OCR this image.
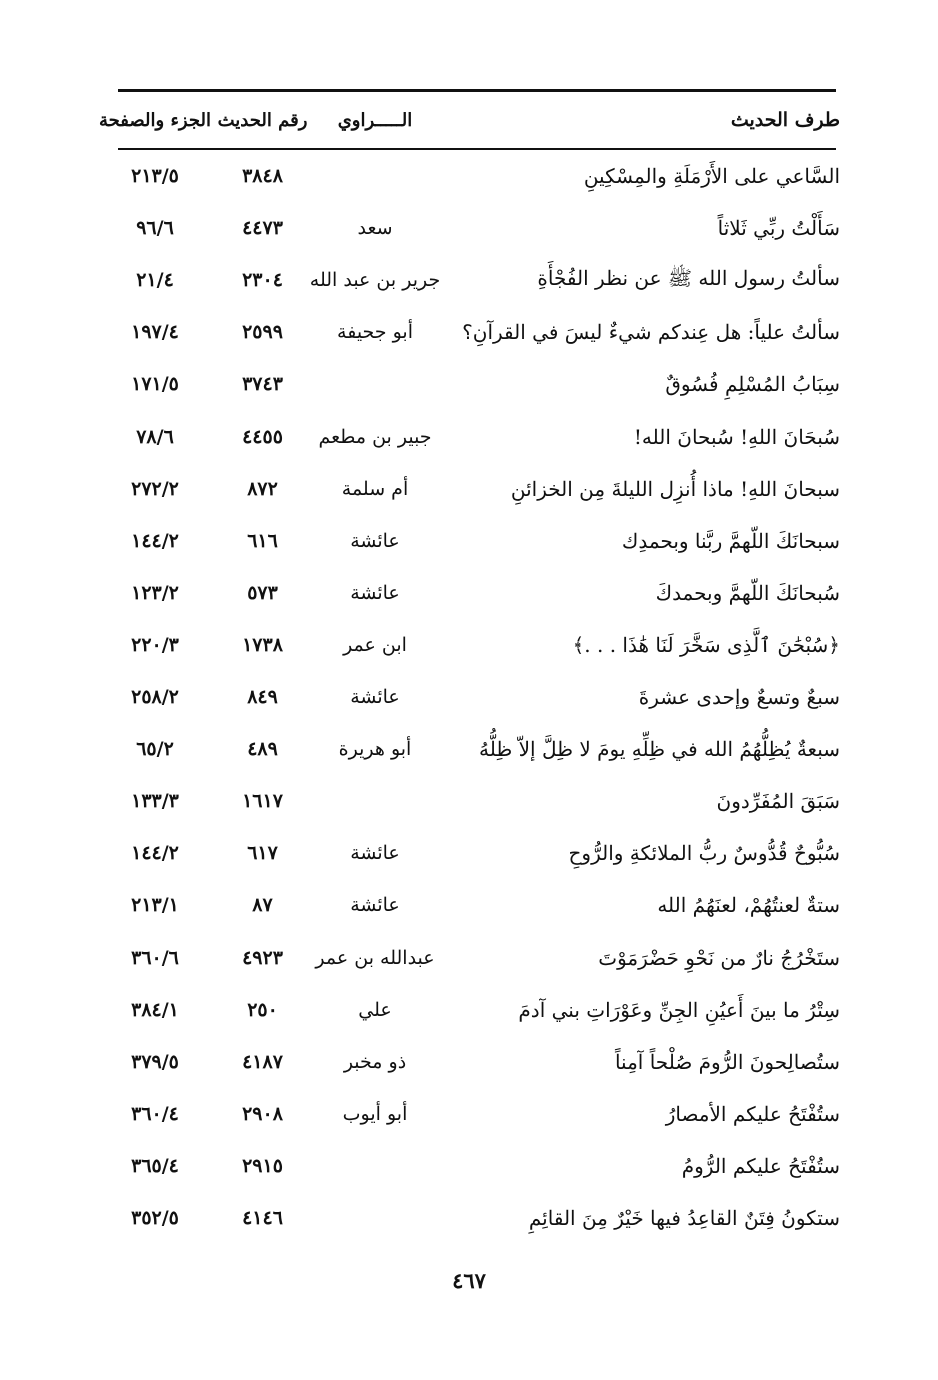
طرف الحديث
الـــــراوي
رقم الحديث
الجزء والصفحة
السَّاعي على الأَرْمَلَةِ والمِسْكِينِ
٣٨٤٨
٢١٣/٥
سَأَلْتُ ربِّي ثَلاثاً
سعد
٤٤٧٣
٩٦/٦
سألتُ رسول الله ﷺ عن نظر الفُجْأَةِ
جرير بن عبد الله
٢٣٠٤
٢١/٤
سألتُ علياً: هل عِندكم شيءٌ ليسَ في القرآنِ؟
أبو جحيفة
٢٥٩٩
١٩٧/٤
سِبَابُ المُسْلِمِ فُسُوقٌ
٣٧٤٣
١٧١/٥
سُبحَانَ اللهِ! سُبحانَ الله!
جبير بن مطعم
٤٤٥٥
٧٨/٦
سبحانَ اللهِ! ماذا أُنزِل الليلةَ مِن الخزائنِ
أم سلمة
٨٧٢
٢٧٢/٢
سبحانَكَ اللّهمَّ ربَّنا وبحمدِك
عائشة
٦١٦
١٤٤/٢
سُبحانَكَ اللّهمَّ وبحمدكَ
عائشة
٥٧٣
١٢٣/٢
﴿سُبْحَٰنَ ٱلَّذِى سَخَّرَ لَنَا هَٰذَا . . .﴾
ابن عمر
١٧٣٨
٢٢٠/٣
سبعٌ وتسعٌ وإحدى عشرةَ
عائشة
٨٤٩
٢٥٨/٢
سبعةٌ يُظِلُّهُمُ الله في ظِلِّهِ يومَ لا ظِلَّ إلاّ ظِلُّهُ
أبو هريرة
٤٨٩
٦٥/٢
سَبَقَ المُفَرِّدونَ
١٦١٧
١٣٣/٣
سُبُّوحٌ قُدُّوسٌ ربُّ الملائكةِ والرُّوحِ
عائشة
٦١٧
١٤٤/٢
ستةٌ لعنتُهُمْ، لعنَهُمُ الله
عائشة
٨٧
٢١٣/١
ستَخْرُجُ نارٌ من نَحْوِ حَضْرَمَوْتَ
عبدالله بن عمر
٤٩٢٣
٣٦٠/٦
سِتْرُ ما بينَ أَعيُنِ الجِنِّ وعَوْرَاتِ بني آدمَ
علي
٢٥٠
٣٨٤/١
ستُصالِحونَ الرُّومَ صُلْحاً آمِناً
ذو مخبر
٤١٨٧
٣٧٩/٥
ستُفْتَحُ عليكم الأمصارُ
أبو أيوب
٢٩٠٨
٣٦٠/٤
ستُفْتَحُ عليكم الرُّومُ
٢٩١٥
٣٦٥/٤
ستكونُ فِتَنٌ القاعِدُ فيها خَيْرٌ مِنَ القائِمِ
٤١٤٦
٣٥٢/٥
٤٦٧
